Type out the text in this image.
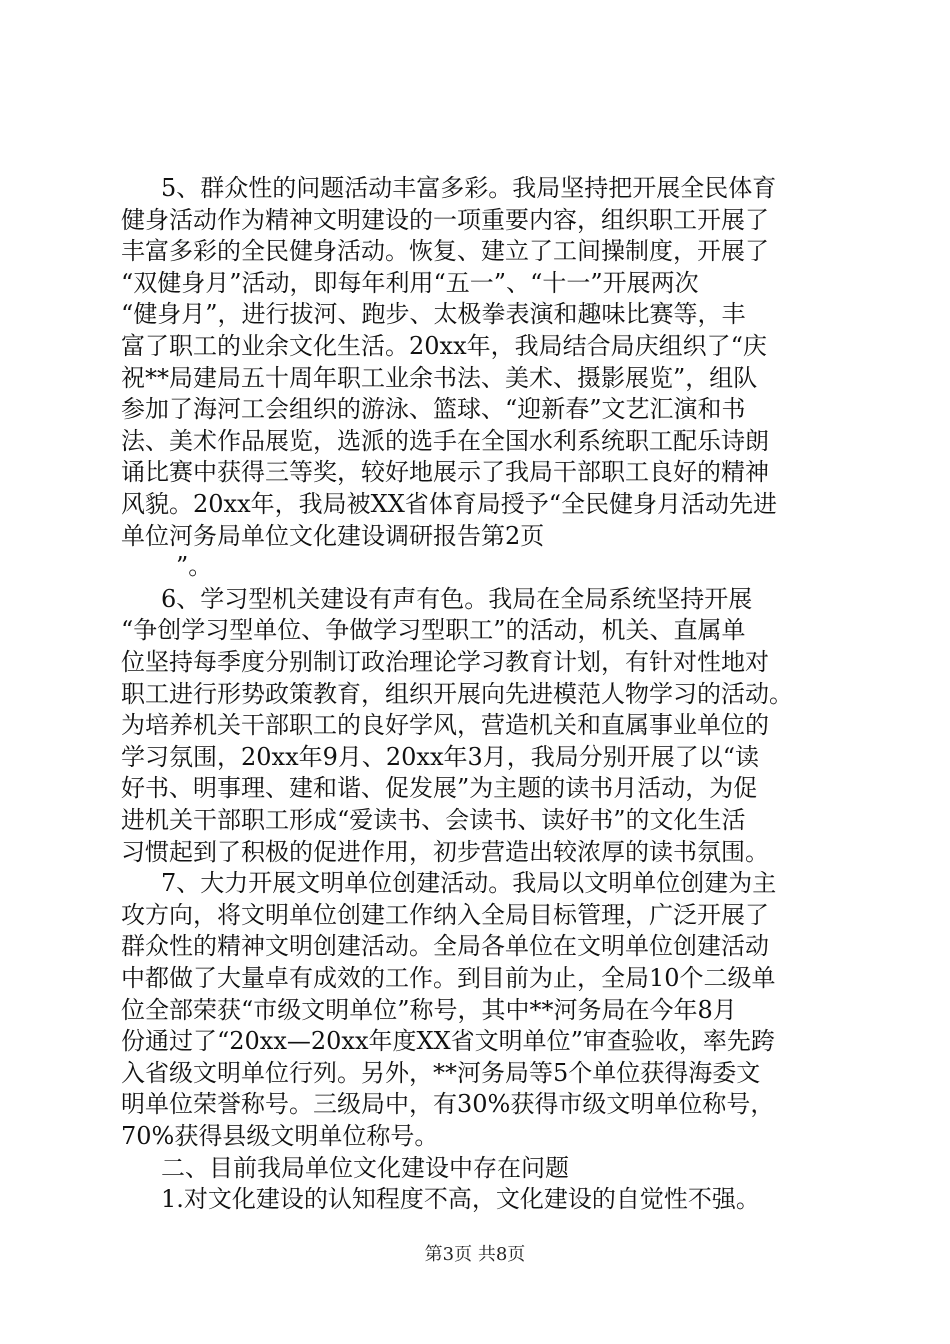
5、群众性的问题活动丰富多彩。我局坚持把开展全民体育
健身活动作为精神文明建设的一项重要内容，组织职工开展了
丰富多彩的全民健身活动。恢复、建立了工间操制度，开展了
“双健身月”活动，即每年利用“五一”、“十一”开展两次
“健身月”，进行拔河、跑步、太极拳表演和趣味比赛等，丰
富了职工的业余文化生活。20xx年，我局结合局庆组织了“庆
祝**局建局五十周年职工业余书法、美术、摄影展览”，组队
参加了海河工会组织的游泳、篮球、“迎新春”文艺汇演和书
法、美术作品展览，选派的选手在全国水利系统职工配乐诗朗
诵比赛中获得三等奖，较好地展示了我局干部职工良好的精神
风貌。20xx年，我局被XX省体育局授予“全民健身月活动先进
单位河务局单位文化建设调研报告第2页
”。
6、学习型机关建设有声有色。我局在全局系统坚持开展
“争创学习型单位、争做学习型职工”的活动，机关、直属单
位坚持每季度分别制订政治理论学习教育计划，有针对性地对
职工进行形势政策教育，组织开展向先进模范人物学习的活动。
为培养机关干部职工的良好学风，营造机关和直属事业单位的
学习氛围，20xx年9月、20xx年3月，我局分别开展了以“读
好书、明事理、建和谐、促发展”为主题的读书月活动，为促
进机关干部职工形成“爱读书、会读书、读好书”的文化生活
习惯起到了积极的促进作用，初步营造出较浓厚的读书氛围。
7、大力开展文明单位创建活动。我局以文明单位创建为主
攻方向，将文明单位创建工作纳入全局目标管理，广泛开展了
群众性的精神文明创建活动。全局各单位在文明单位创建活动
中都做了大量卓有成效的工作。到目前为止，全局10个二级单
位全部荣获“市级文明单位”称号，其中**河务局在今年8月
份通过了“20xx—20xx年度XX省文明单位”审查验收，率先跨
入省级文明单位行列。另外，**河务局等5个单位获得海委文
明单位荣誉称号。三级局中，有30%获得市级文明单位称号，
70%获得县级文明单位称号。
二、目前我局单位文化建设中存在问题
1.对文化建设的认知程度不高，文化建设的自觉性不强。
第3页 共8页
